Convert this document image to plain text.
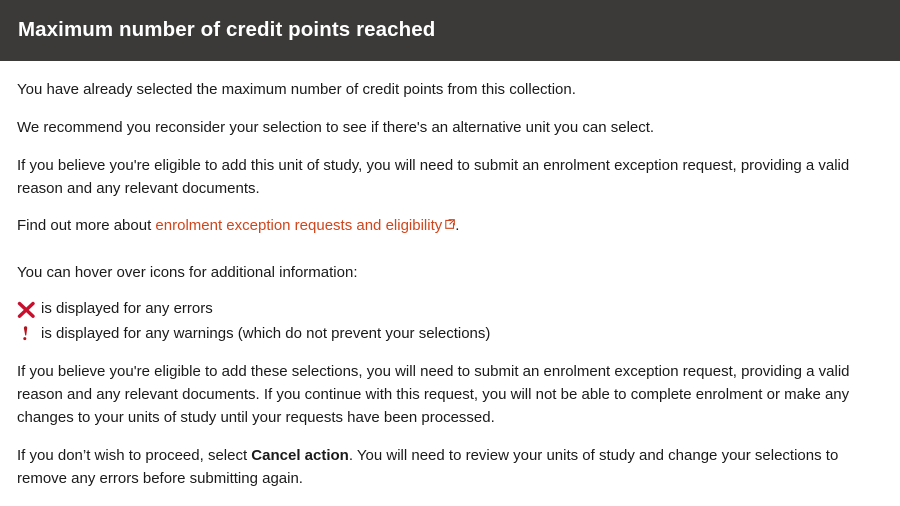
Maximum number of credit points reached

You have already selected the maximum number of credit points from this collection.

We recommend you reconsider your selection to see if there's an alternative unit you can select.

If you believe you're eligible to add this unit of study, you will need to submit an enrolment exception request, providing a valid reason and any relevant documents.

Find out more about enrolment exception requests and eligibility .

You can hover over icons for additional information:

is displayed for any errors
is displayed for any warnings (which do not prevent your selections)

If you believe you're eligible to add these selections, you will need to submit an enrolment exception request, providing a valid reason and any relevant documents. If you continue with this request, you will not be able to complete enrolment or make any changes to your units of study until your requests have been processed.

If you don’t wish to proceed, select Cancel action. You will need to review your units of study and change your selections to remove any errors before submitting again.
